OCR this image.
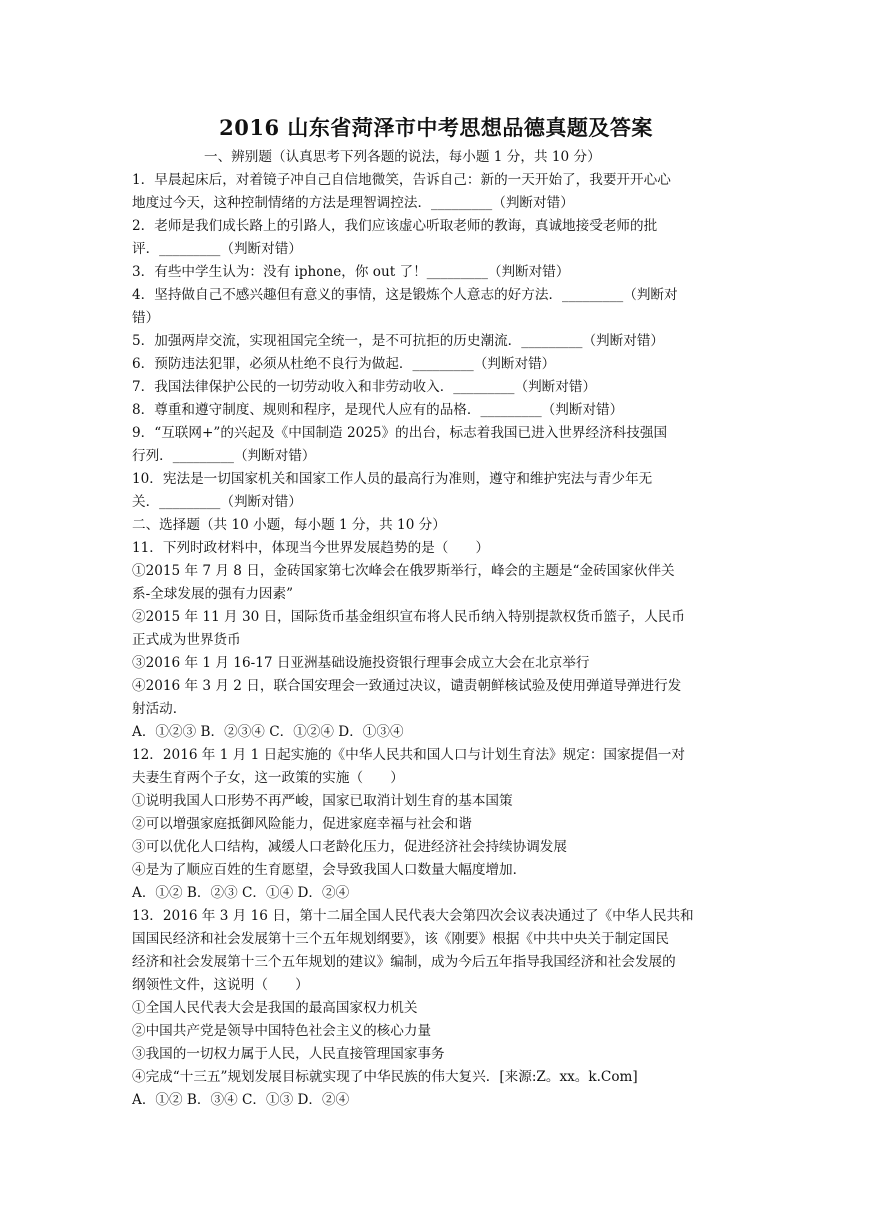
2016 山东省菏泽市中考思想品德真题及答案

一、辨别题（认真思考下列各题的说法，每小题 1 分，共 10 分）

1．早晨起床后，对着镜子冲自己自信地微笑，告诉自己：新的一天开始了，我要开开心心

地度过今天，这种控制情绪的方法是理智调控法．_________（判断对错）

2．老师是我们成长路上的引路人，我们应该虚心听取老师的教诲，真诚地接受老师的批

评．_________（判断对错）

3．有些中学生认为：没有 iphone，你 out 了！_________（判断对错）

4．坚持做自己不感兴趣但有意义的事情，这是锻炼个人意志的好方法．_________（判断对

错）

5．加强两岸交流，实现祖国完全统一，是不可抗拒的历史潮流．_________（判断对错）

6．预防违法犯罪，必须从杜绝不良行为做起．_________（判断对错）

7．我国法律保护公民的一切劳动收入和非劳动收入．_________（判断对错）

8．尊重和遵守制度、规则和程序，是现代人应有的品格．_________（判断对错）

9．“互联网+”的兴起及《中国制造 2025》的出台，标志着我国已进入世界经济科技强国

行列．_________（判断对错）

10．宪法是一切国家机关和国家工作人员的最高行为准则，遵守和维护宪法与青少年无

关．_________（判断对错）

二、选择题（共 10 小题，每小题 1 分，共 10 分）

11．下列时政材料中，体现当今世界发展趋势的是（　　）

①2015 年 7 月 8 日，金砖国家第七次峰会在俄罗斯举行，峰会的主题是“金砖国家伙伴关

系-全球发展的强有力因素”

②2015 年 11 月 30 日，国际货币基金组织宣布将人民币纳入特别提款权货币篮子，人民币

正式成为世界货币

③2016 年 1 月 16-17 日亚洲基础设施投资银行理事会成立大会在北京举行

④2016 年 3 月 2 日，联合国安理会一致通过决议，谴责朝鲜核试验及使用弹道导弹进行发

射活动．

A．①②③ B．②③④ C．①②④ D．①③④

12．2016 年 1 月 1 日起实施的《中华人民共和国人口与计划生育法》规定：国家提倡一对

夫妻生育两个子女，这一政策的实施（　　）

①说明我国人口形势不再严峻，国家已取消计划生育的基本国策

②可以增强家庭抵御风险能力，促进家庭幸福与社会和谐

③可以优化人口结构，减缓人口老龄化压力，促进经济社会持续协调发展

④是为了顺应百姓的生育愿望，会导致我国人口数量大幅度增加．

A．①② B．②③ C．①④ D．②④

13．2016 年 3 月 16 日，第十二届全国人民代表大会第四次会议表决通过了《中华人民共和

国国民经济和社会发展第十三个五年规划纲要》，该《刚要》根据《中共中央关于制定国民

经济和社会发展第十三个五年规划的建议》编制，成为今后五年指导我国经济和社会发展的

纲领性文件，这说明（　　）

①全国人民代表大会是我国的最高国家权力机关

②中国共产党是领导中国特色社会主义的核心力量

③我国的一切权力属于人民，人民直接管理国家事务

④完成“十三五”规划发展目标就实现了中华民族的伟大复兴．[来源:Z。xx。k.Com]

A．①② B．③④ C．①③ D．②④
